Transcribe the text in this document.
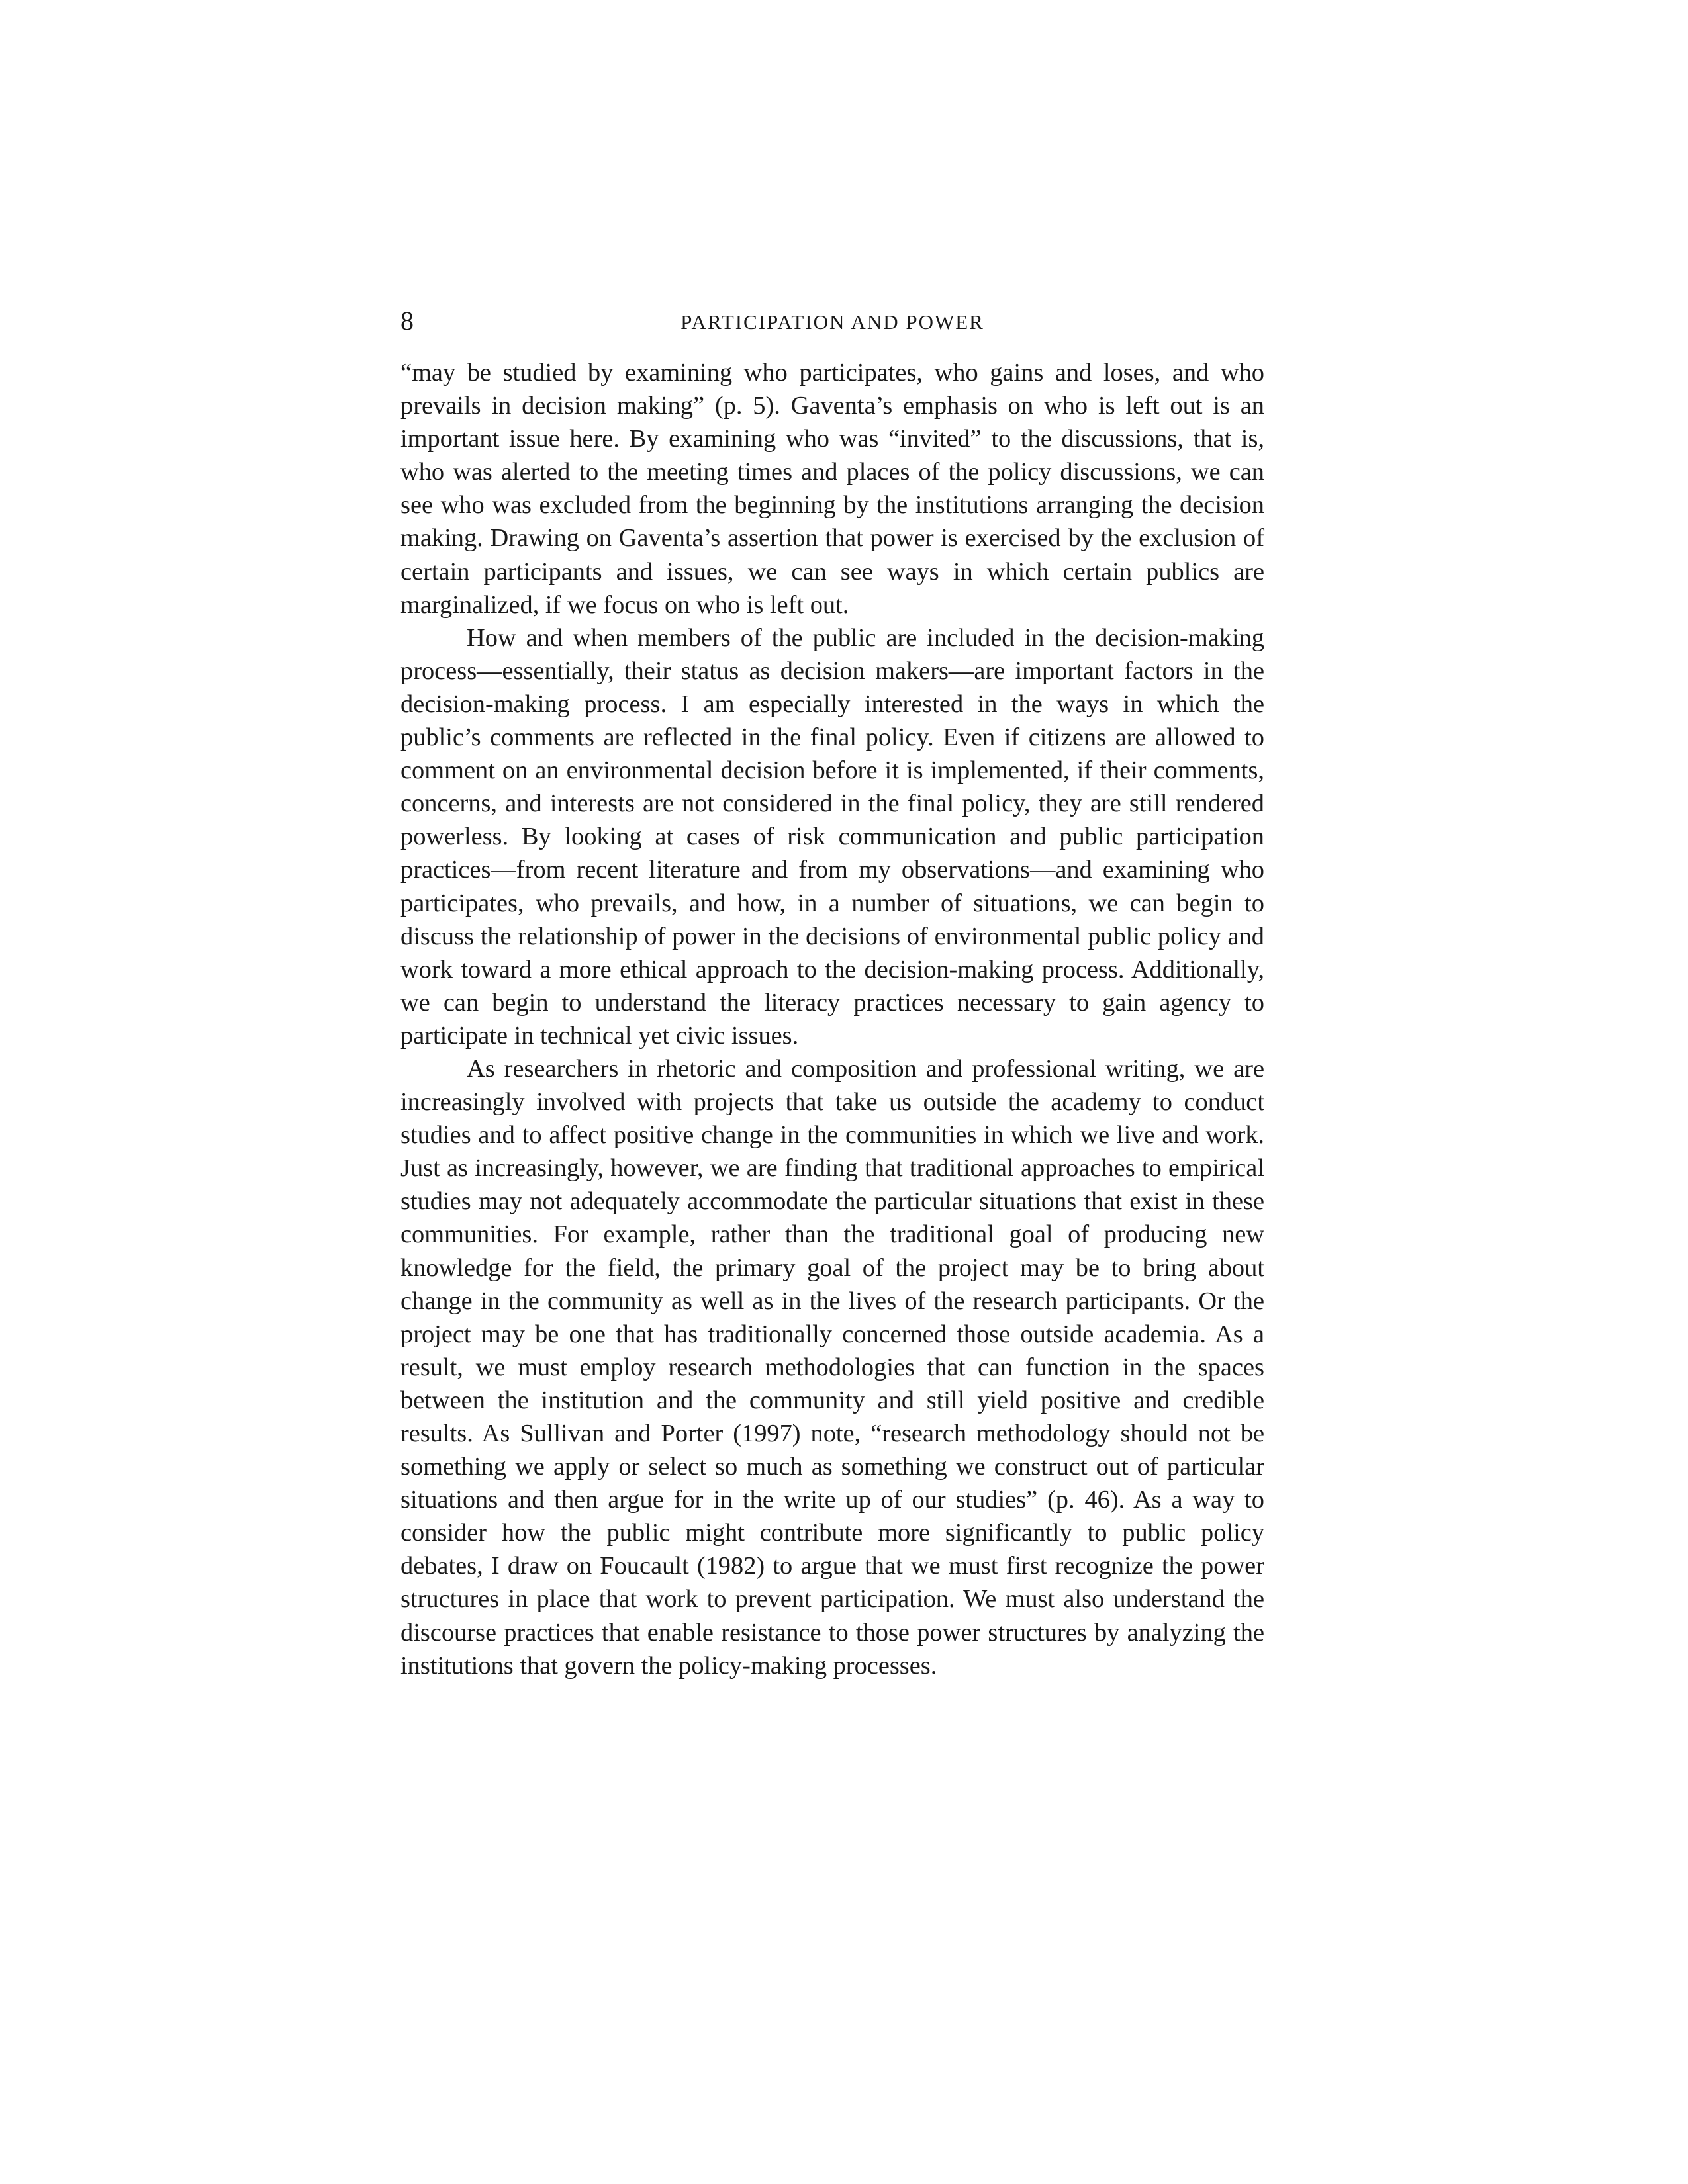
8	PARTICIPATION AND POWER

“may be studied by examining who participates, who gains and loses, and who prevails in decision making” (p. 5). Gaventa’s emphasis on who is left out is an important issue here. By examining who was “invited” to the discussions, that is, who was alerted to the meeting times and places of the policy discussions, we can see who was excluded from the beginning by the institutions arranging the decision making. Drawing on Gaventa’s assertion that power is exercised by the exclusion of certain participants and issues, we can see ways in which certain publics are marginalized, if we focus on who is left out.

How and when members of the public are included in the decision-making process—essentially, their status as decision makers—are important factors in the decision-making process. I am especially interested in the ways in which the public’s comments are reflected in the final policy. Even if citizens are allowed to comment on an environmental decision before it is implemented, if their comments, concerns, and interests are not considered in the final policy, they are still rendered powerless. By looking at cases of risk communication and public participation practices—from recent literature and from my observations—and examining who participates, who prevails, and how, in a number of situations, we can begin to discuss the relationship of power in the decisions of environmental public policy and work toward a more ethical approach to the decision-making process. Additionally, we can begin to understand the literacy practices necessary to gain agency to participate in technical yet civic issues.

As researchers in rhetoric and composition and professional writing, we are increasingly involved with projects that take us outside the academy to conduct studies and to affect positive change in the communities in which we live and work. Just as increasingly, however, we are finding that traditional approaches to empirical studies may not adequately accommodate the particular situations that exist in these communities. For example, rather than the traditional goal of producing new knowledge for the field, the primary goal of the project may be to bring about change in the community as well as in the lives of the research participants. Or the project may be one that has traditionally concerned those outside academia. As a result, we must employ research methodologies that can function in the spaces between the institution and the community and still yield positive and credible results. As Sullivan and Porter (1997) note, “research methodology should not be something we apply or select so much as something we construct out of particular situations and then argue for in the write up of our studies” (p. 46). As a way to consider how the public might contribute more significantly to public policy debates, I draw on Foucault (1982) to argue that we must first recognize the power structures in place that work to prevent participation. We must also understand the discourse practices that enable resistance to those power structures by analyzing the institutions that govern the policy-making processes.
